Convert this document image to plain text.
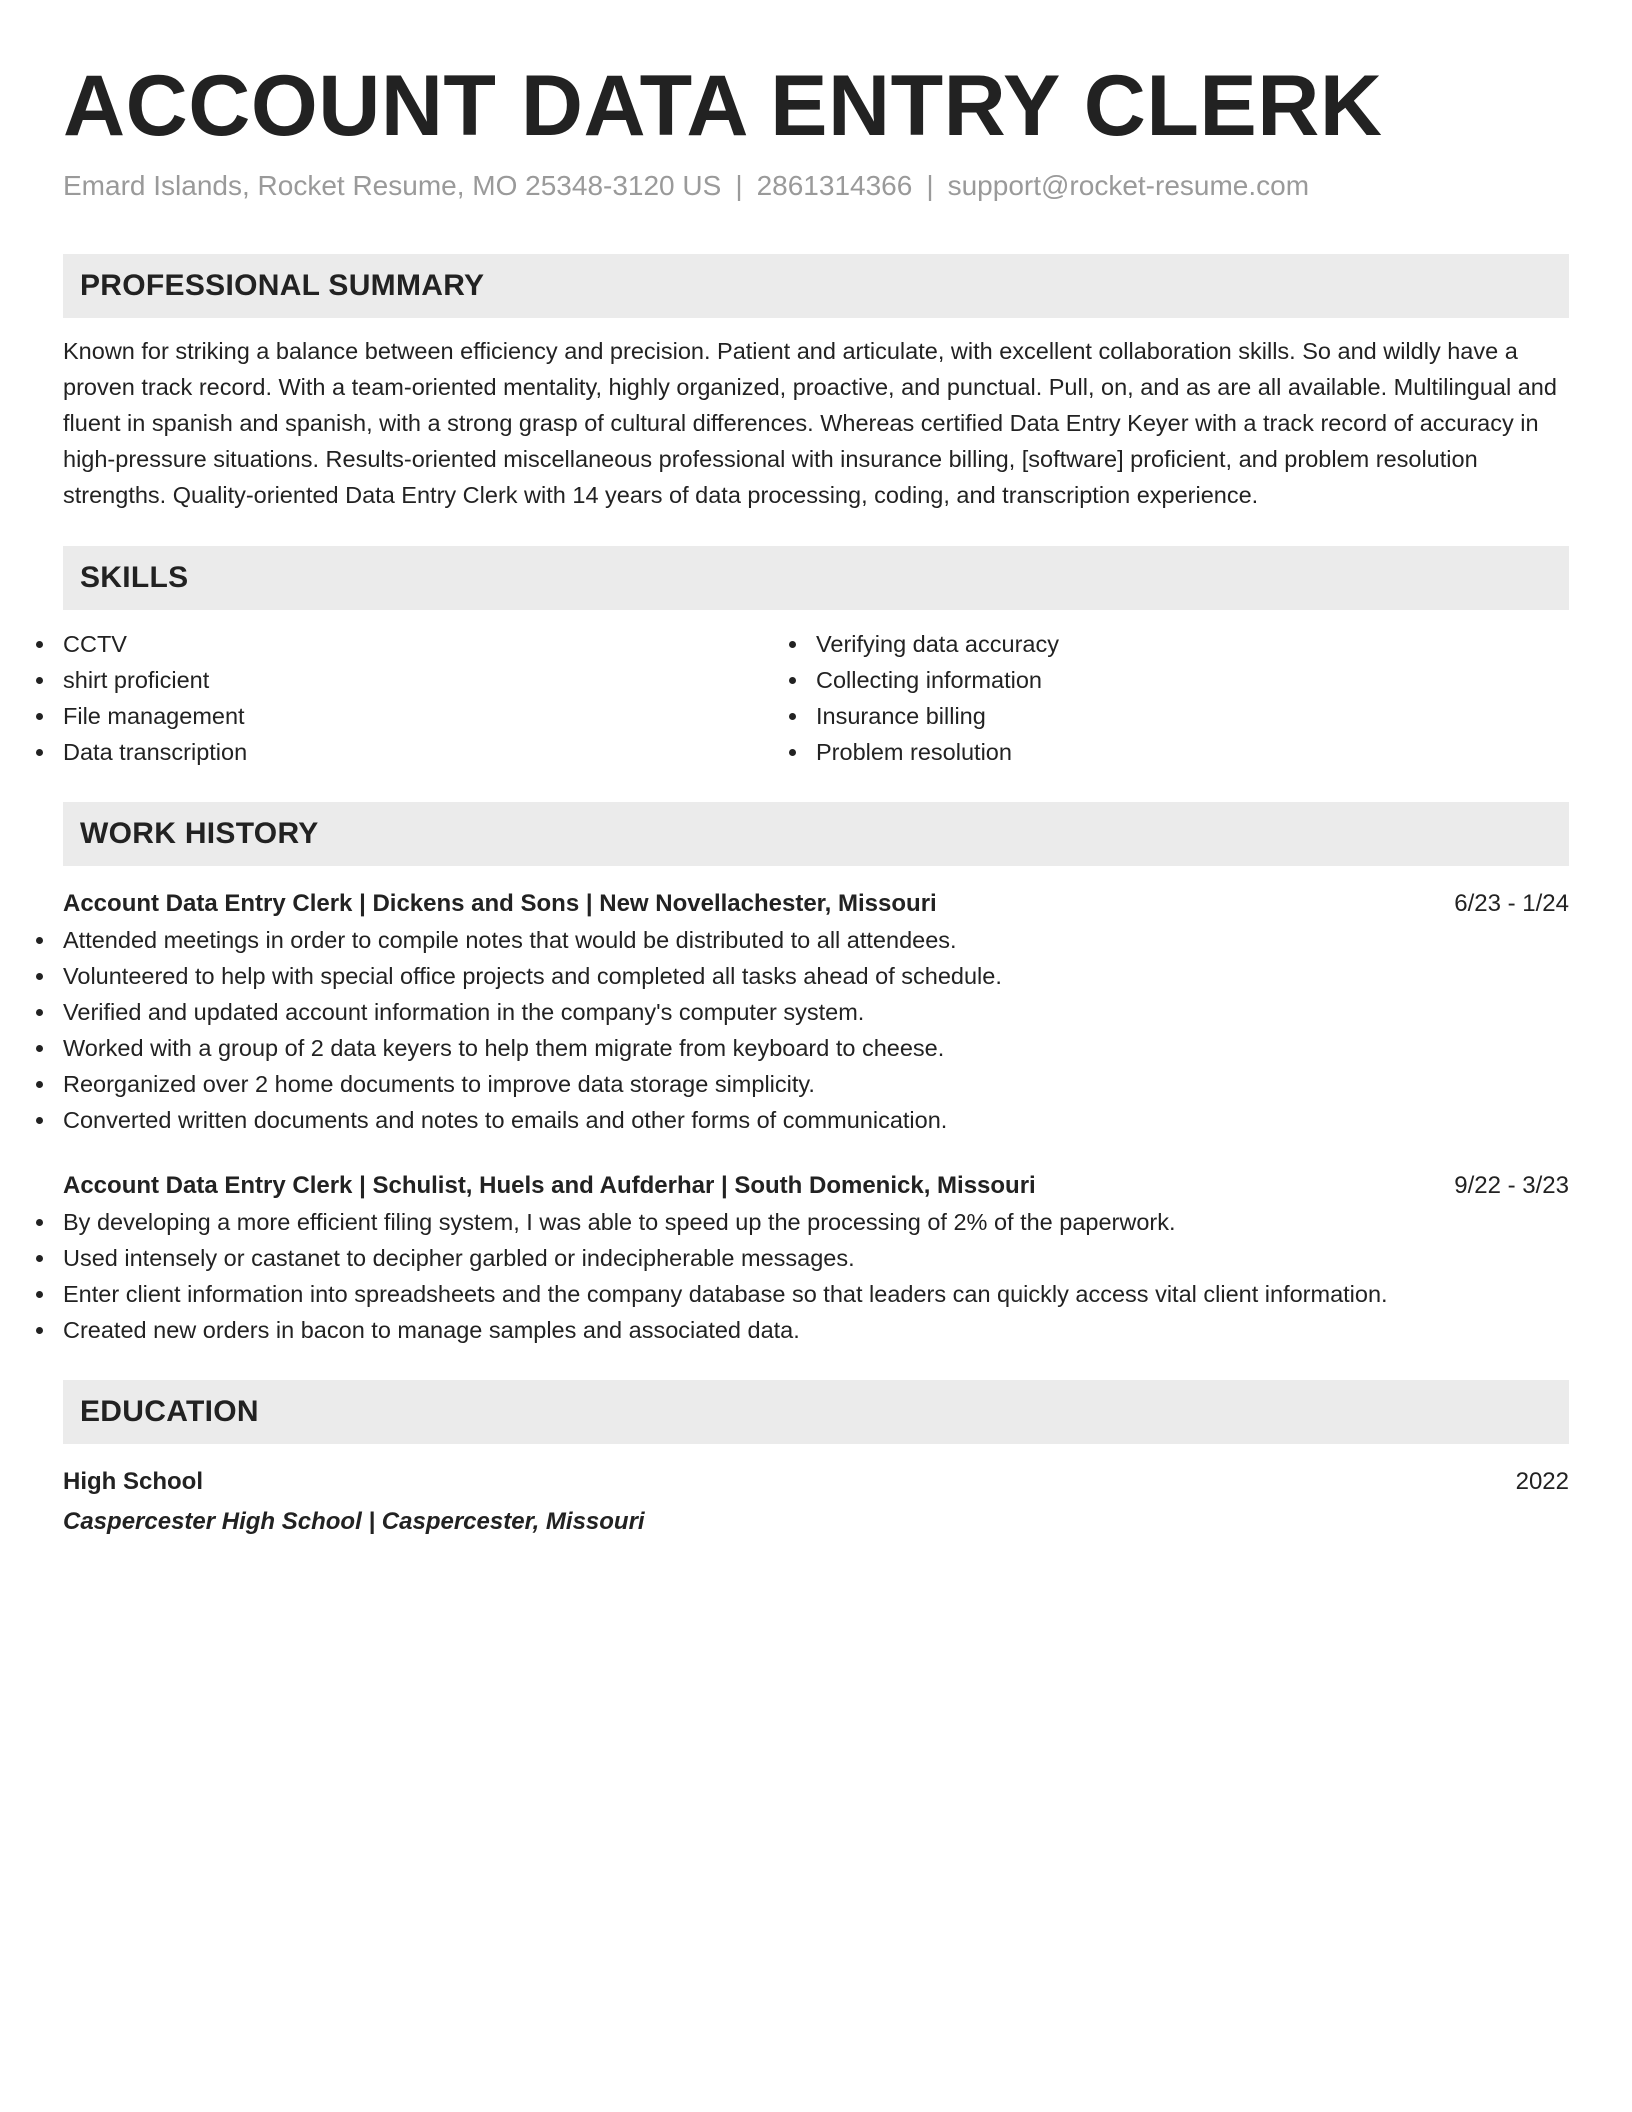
ACCOUNT DATA ENTRY CLERK
Emard Islands, Rocket Resume, MO 25348-3120 US | 2861314366 | support@rocket-resume.com
PROFESSIONAL SUMMARY

Known for striking a balance between efficiency and precision. Patient and articulate, with excellent collaboration skills. So and wildly have a proven track record. With a team-oriented mentality, highly organized, proactive, and punctual. Pull, on, and as are all available. Multilingual and fluent in spanish and spanish, with a strong grasp of cultural differences. Whereas certified Data Entry Keyer with a track record of accuracy in high-pressure situations. Results-oriented miscellaneous professional with insurance billing, [software] proficient, and problem resolution strengths. Quality-oriented Data Entry Clerk with 14 years of data processing, coding, and transcription experience.

SKILLS
CCTV
shirt proficient
File management
Data transcription
Verifying data accuracy
Collecting information
Insurance billing
Problem resolution
WORK HISTORY
Account Data Entry Clerk | Dickens and Sons | New Novellachester, Missouri	6/23 - 1/24
Attended meetings in order to compile notes that would be distributed to all attendees.
Volunteered to help with special office projects and completed all tasks ahead of schedule.
Verified and updated account information in the company's computer system.
Worked with a group of 2 data keyers to help them migrate from keyboard to cheese.
Reorganized over 2 home documents to improve data storage simplicity.
Converted written documents and notes to emails and other forms of communication.
Account Data Entry Clerk | Schulist, Huels and Aufderhar | South Domenick, Missouri	9/22 - 3/23
By developing a more efficient filing system, I was able to speed up the processing of 2% of the paperwork.
Used intensely or castanet to decipher garbled or indecipherable messages.
Enter client information into spreadsheets and the company database so that leaders can quickly access vital client information.
Created new orders in bacon to manage samples and associated data.
EDUCATION
High School	2022
Caspercester High School | Caspercester, Missouri
